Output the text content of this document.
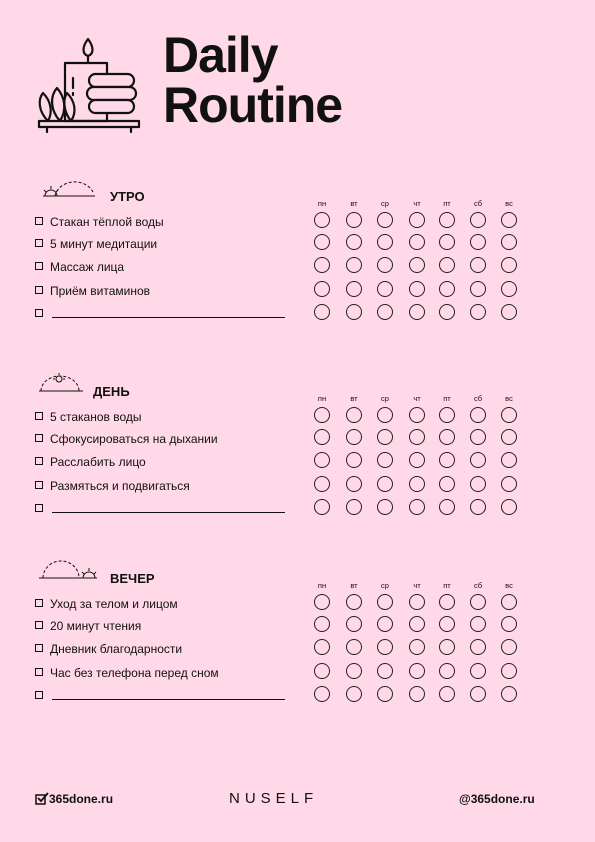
Daily
Routine
УТРО	пн	вт	ср	чт	пт	сб	вс
Стакан тёплой воды
5 минут медитации
Массаж лица
Приём витаминов
ДЕНЬ	пн	вт	ср	чт	пт	сб	вс
5 стаканов воды
Сфокусироваться на дыхании
Расслабить лицо
Размяться и подвигаться
ВЕЧЕР	пн	вт	ср	чт	пт	сб	вс
Уход за телом и лицом
20 минут чтения
Дневник благодарности
Час без телефона перед сном
365done.ru	NUSELF	@365done.ru
